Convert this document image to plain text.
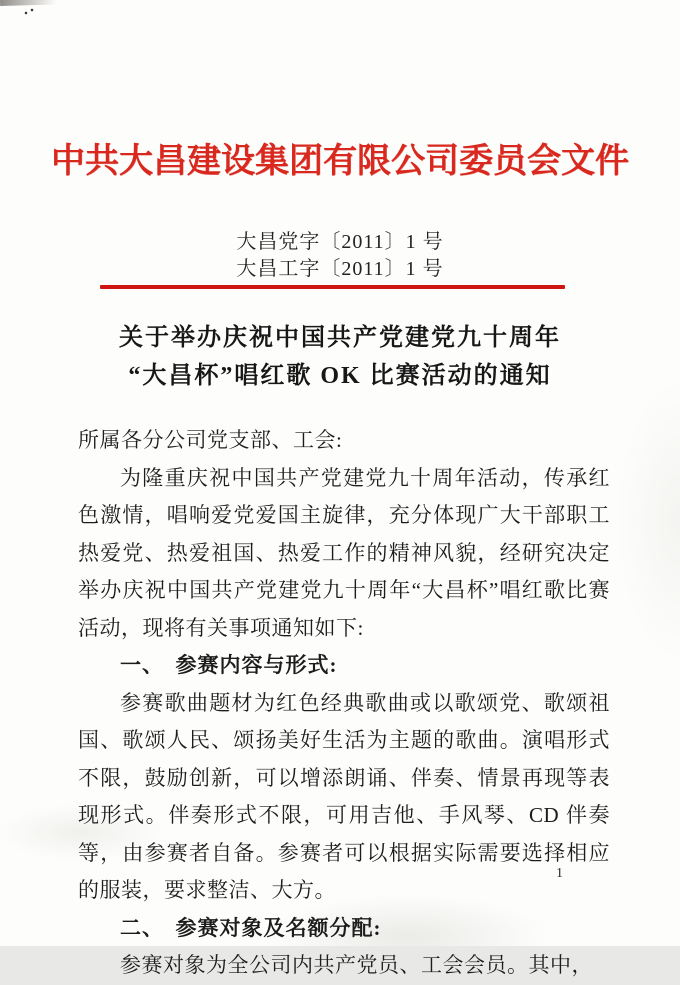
中共大昌建设集团有限公司委员会文件
大昌党字〔2011〕1 号
大昌工字〔2011〕1 号
关于举办庆祝中国共产党建党九十周年
“大昌杯”唱红歌 OK 比赛活动的通知

所属各分公司党支部、工会:

为隆重庆祝中国共产党建党九十周年活动，传承红色激情，唱响爱党爱国主旋律，充分体现广大干部职工热爱党、热爱祖国、热爱工作的精神风貌，经研究决定举办庆祝中国共产党建党九十周年“大昌杯”唱红歌比赛活动，现将有关事项通知如下:

一、　参赛内容与形式:

参赛歌曲题材为红色经典歌曲或以歌颂党、歌颂祖国、歌颂人民、颂扬美好生活为主题的歌曲。演唱形式不限，鼓励创新，可以增添朗诵、伴奏、情景再现等表现形式。伴奏形式不限，可用吉他、手风琴、CD 伴奏等，由参赛者自备。参赛者可以根据实际需要选择相应的服装，要求整洁、大方。

二、　参赛对象及名额分配:

参赛对象为全公司内共产党员、工会会员。其中，

1
